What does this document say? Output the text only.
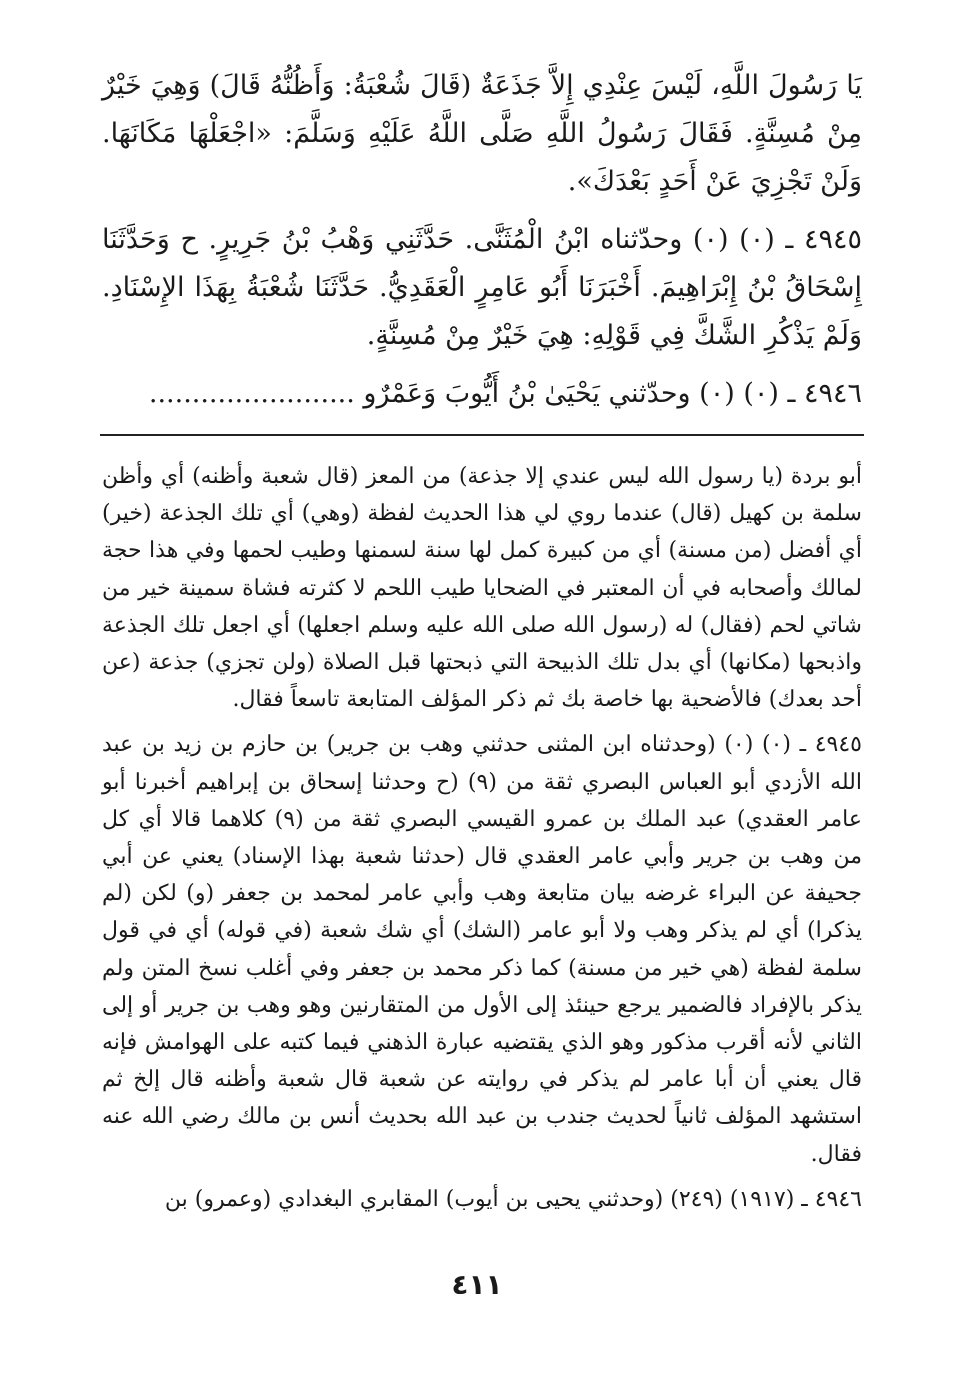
يَا رَسُولَ اللَّهِ، لَيْسَ عِنْدِي إِلاَّ جَذَعَةٌ (قَالَ شُعْبَةُ: وَأَظُنُّهُ قَالَ) وَهِيَ خَيْرٌ مِنْ مُسِنَّةٍ. فَقَالَ رَسُولُ اللَّهِ صَلَّى اللَّهُ عَلَيْهِ وَسَلَّمَ: «اجْعَلْهَا مَكَانَهَا. وَلَنْ تَجْزِيَ عَنْ أَحَدٍ بَعْدَكَ».

٤٩٤٥ ـ (٠) (٠) وحدّثناه ابْنُ الْمُثَنَّى. حَدَّثَنِي وَهْبُ بْنُ جَرِيرٍ. ح وَحَدَّثَنَا إِسْحَاقُ بْنُ إِبْرَاهِيمَ. أَخْبَرَنَا أَبُو عَامِرٍ الْعَقَدِيُّ. حَدَّثَنَا شُعْبَةُ بِهَذَا الإِسْنَادِ. وَلَمْ يَذْكُرِ الشَّكَّ فِي قَوْلِهِ: هِيَ خَيْرٌ مِنْ مُسِنَّةٍ.

٤٩٤٦ ـ (٠) (٠) وحدّثني يَحْيَىٰ بْنُ أَيُّوبَ وَعَمْرٌو ........................

أبو بردة (يا رسول الله ليس عندي إلا جذعة) من المعز (قال شعبة وأظنه) أي وأظن سلمة بن كهيل (قال) عندما روي لي هذا الحديث لفظة (وهي) أي تلك الجذعة (خير) أي أفضل (من مسنة) أي من كبيرة كمل لها سنة لسمنها وطيب لحمها وفي هذا حجة لمالك وأصحابه في أن المعتبر في الضحايا طيب اللحم لا كثرته فشاة سمينة خير من شاتي لحم (فقال) له (رسول الله صلى الله عليه وسلم اجعلها) أي اجعل تلك الجذعة واذبحها (مكانها) أي بدل تلك الذبيحة التي ذبحتها قبل الصلاة (ولن تجزي) جذعة (عن أحد بعدك) فالأضحية بها خاصة بك ثم ذكر المؤلف المتابعة تاسعاً فقال.

٤٩٤٥ ـ (٠) (٠) (وحدثناه ابن المثنى حدثني وهب بن جرير) بن حازم بن زيد بن عبد الله الأزدي أبو العباس البصري ثقة من (٩) (ح وحدثنا إسحاق بن إبراهيم أخبرنا أبو عامر العقدي) عبد الملك بن عمرو القيسي البصري ثقة من (٩) كلاهما قالا أي كل من وهب بن جرير وأبي عامر العقدي قال (حدثنا شعبة بهذا الإسناد) يعني عن أبي جحيفة عن البراء غرضه بيان متابعة وهب وأبي عامر لمحمد بن جعفر (و) لكن (لم يذكرا) أي لم يذكر وهب ولا أبو عامر (الشك) أي شك شعبة (في قوله) أي في قول سلمة لفظة (هي خير من مسنة) كما ذكر محمد بن جعفر وفي أغلب نسخ المتن ولم يذكر بالإفراد فالضمير يرجع حينئذ إلى الأول من المتقارنين وهو وهب بن جرير أو إلى الثاني لأنه أقرب مذكور وهو الذي يقتضيه عبارة الذهني فيما كتبه على الهوامش فإنه قال يعني أن أبا عامر لم يذكر في روايته عن شعبة قال شعبة وأظنه قال إلخ ثم استشهد المؤلف ثانياً لحديث جندب بن عبد الله بحديث أنس بن مالك رضي الله عنه فقال.

٤٩٤٦ ـ (١٩١٧) (٢٤٩) (وحدثني يحيى بن أيوب) المقابري البغدادي (وعمرو) بن

٤١١
